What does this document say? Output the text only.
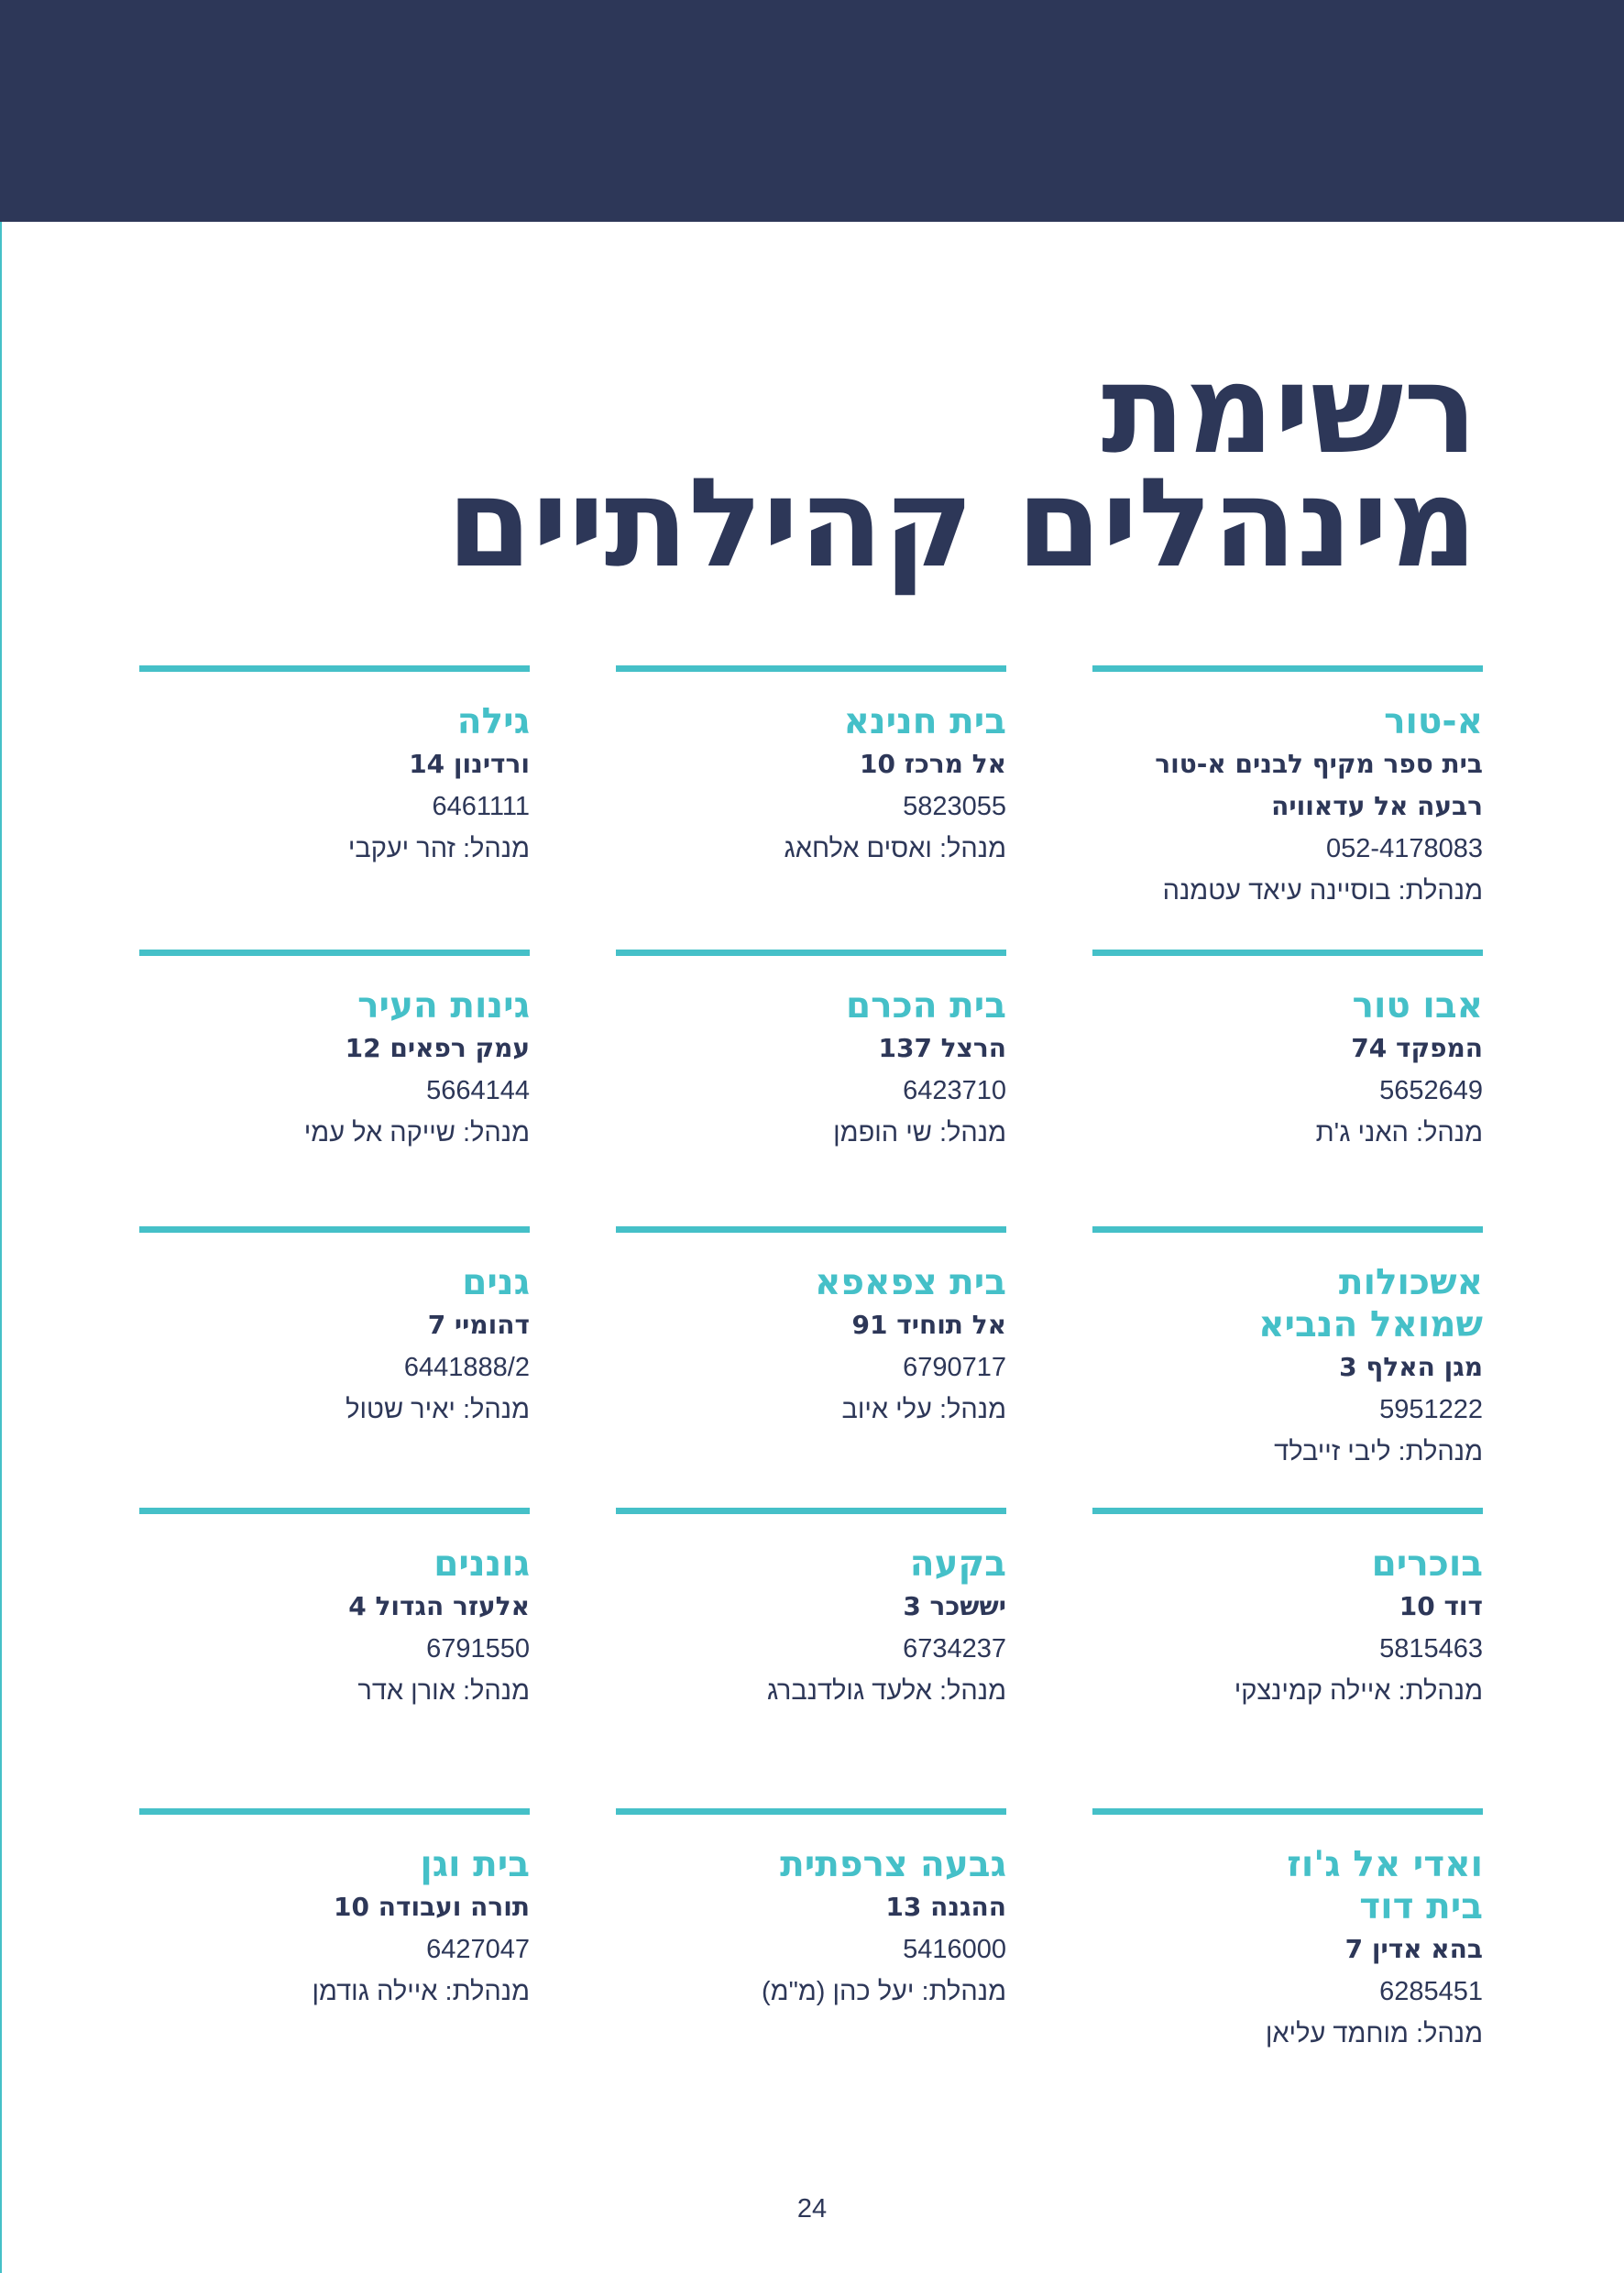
רשימת
מינהלים קהילתיים
א-טור
בית ספר מקיף לבנים א-טור
רבעה אל עדאוויה
052-4178083
מנהלת: בוסיינה עיאד עטמנה
בית חנינא
אל מרכז 10
5823055
מנהל: ואסים אלחאג
גילה
ורדינון 14
6461111
מנהל: זהר יעקבי
אבו טור
המפקד 74
5652649
מנהל: האני ג'ת
בית הכרם
הרצל 137
6423710
מנהל: שי הופמן
גינות העיר
עמק רפאים 12
5664144
מנהל: שייקה אל עמי
אשכולות
שמואל הנביא
מגן האלף 3
5951222
מנהלת: ליבי זייבלד
בית צפאפא
אל תוחיד 91
6790717
מנהל: עלי איוב
גנים
דהומיי 7
6441888/2
מנהל: יאיר שטול
בוכרים
דוד 10
5815463
מנהלת: איילה קמינצקי
בקעה
יששכר 3
6734237
מנהל: אלעד גולדנברג
גוננים
אלעזר הגדול 4
6791550
מנהל: אורן אדר
ואדי אל ג'וז
בית דוד
בהא אדין 7
6285451
מנהל: מוחמד עליאן
גבעה צרפתית
ההגנה 13
5416000
מנהלת: יעל כהן (מ"מ)
בית וגן
תורה ועבודה 10
6427047
מנהלת: איילה גודמן
24
